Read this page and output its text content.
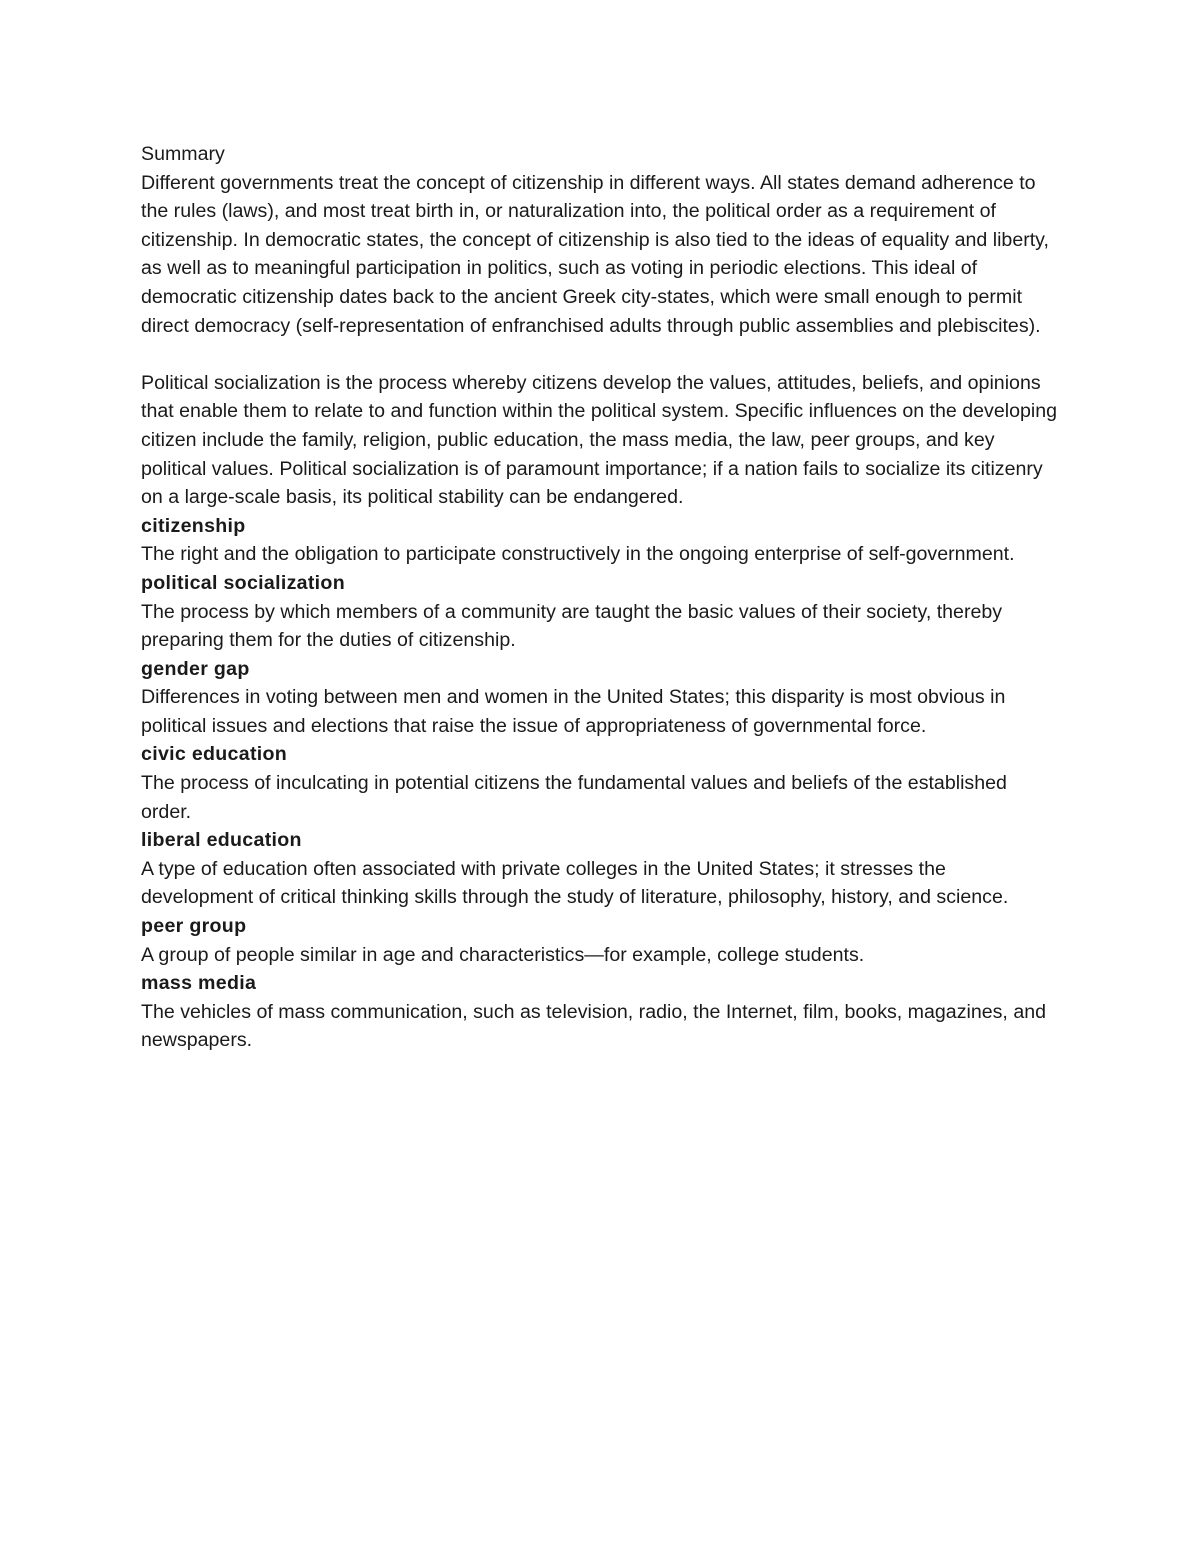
Summary

Different governments treat the concept of citizenship in different ways. All states demand adherence to the rules (laws), and most treat birth in, or naturalization into, the political order as a requirement of citizenship. In democratic states, the concept of citizenship is also tied to the ideas of equality and liberty, as well as to meaningful participation in politics, such as voting in periodic elections. This ideal of democratic citizenship dates back to the ancient Greek city-states, which were small enough to permit direct democracy (self-representation of enfranchised adults through public assemblies and plebiscites).

Political socialization is the process whereby citizens develop the values, attitudes, beliefs, and opinions that enable them to relate to and function within the political system. Specific influences on the developing citizen include the family, religion, public education, the mass media, the law, peer groups, and key political values. Political socialization is of paramount importance; if a nation fails to socialize its citizenry on a large-scale basis, its political stability can be endangered.

citizenship

The right and the obligation to participate constructively in the ongoing enterprise of self-government.

political socialization

The process by which members of a community are taught the basic values of their society, thereby preparing them for the duties of citizenship.

gender gap

Differences in voting between men and women in the United States; this disparity is most obvious in political issues and elections that raise the issue of appropriateness of governmental force.

civic education

The process of inculcating in potential citizens the fundamental values and beliefs of the established order.

liberal education

A type of education often associated with private colleges in the United States; it stresses the development of critical thinking skills through the study of literature, philosophy, history, and science.

peer group

A group of people similar in age and characteristics—for example, college students.

mass media

The vehicles of mass communication, such as television, radio, the Internet, film, books, magazines, and newspapers.
